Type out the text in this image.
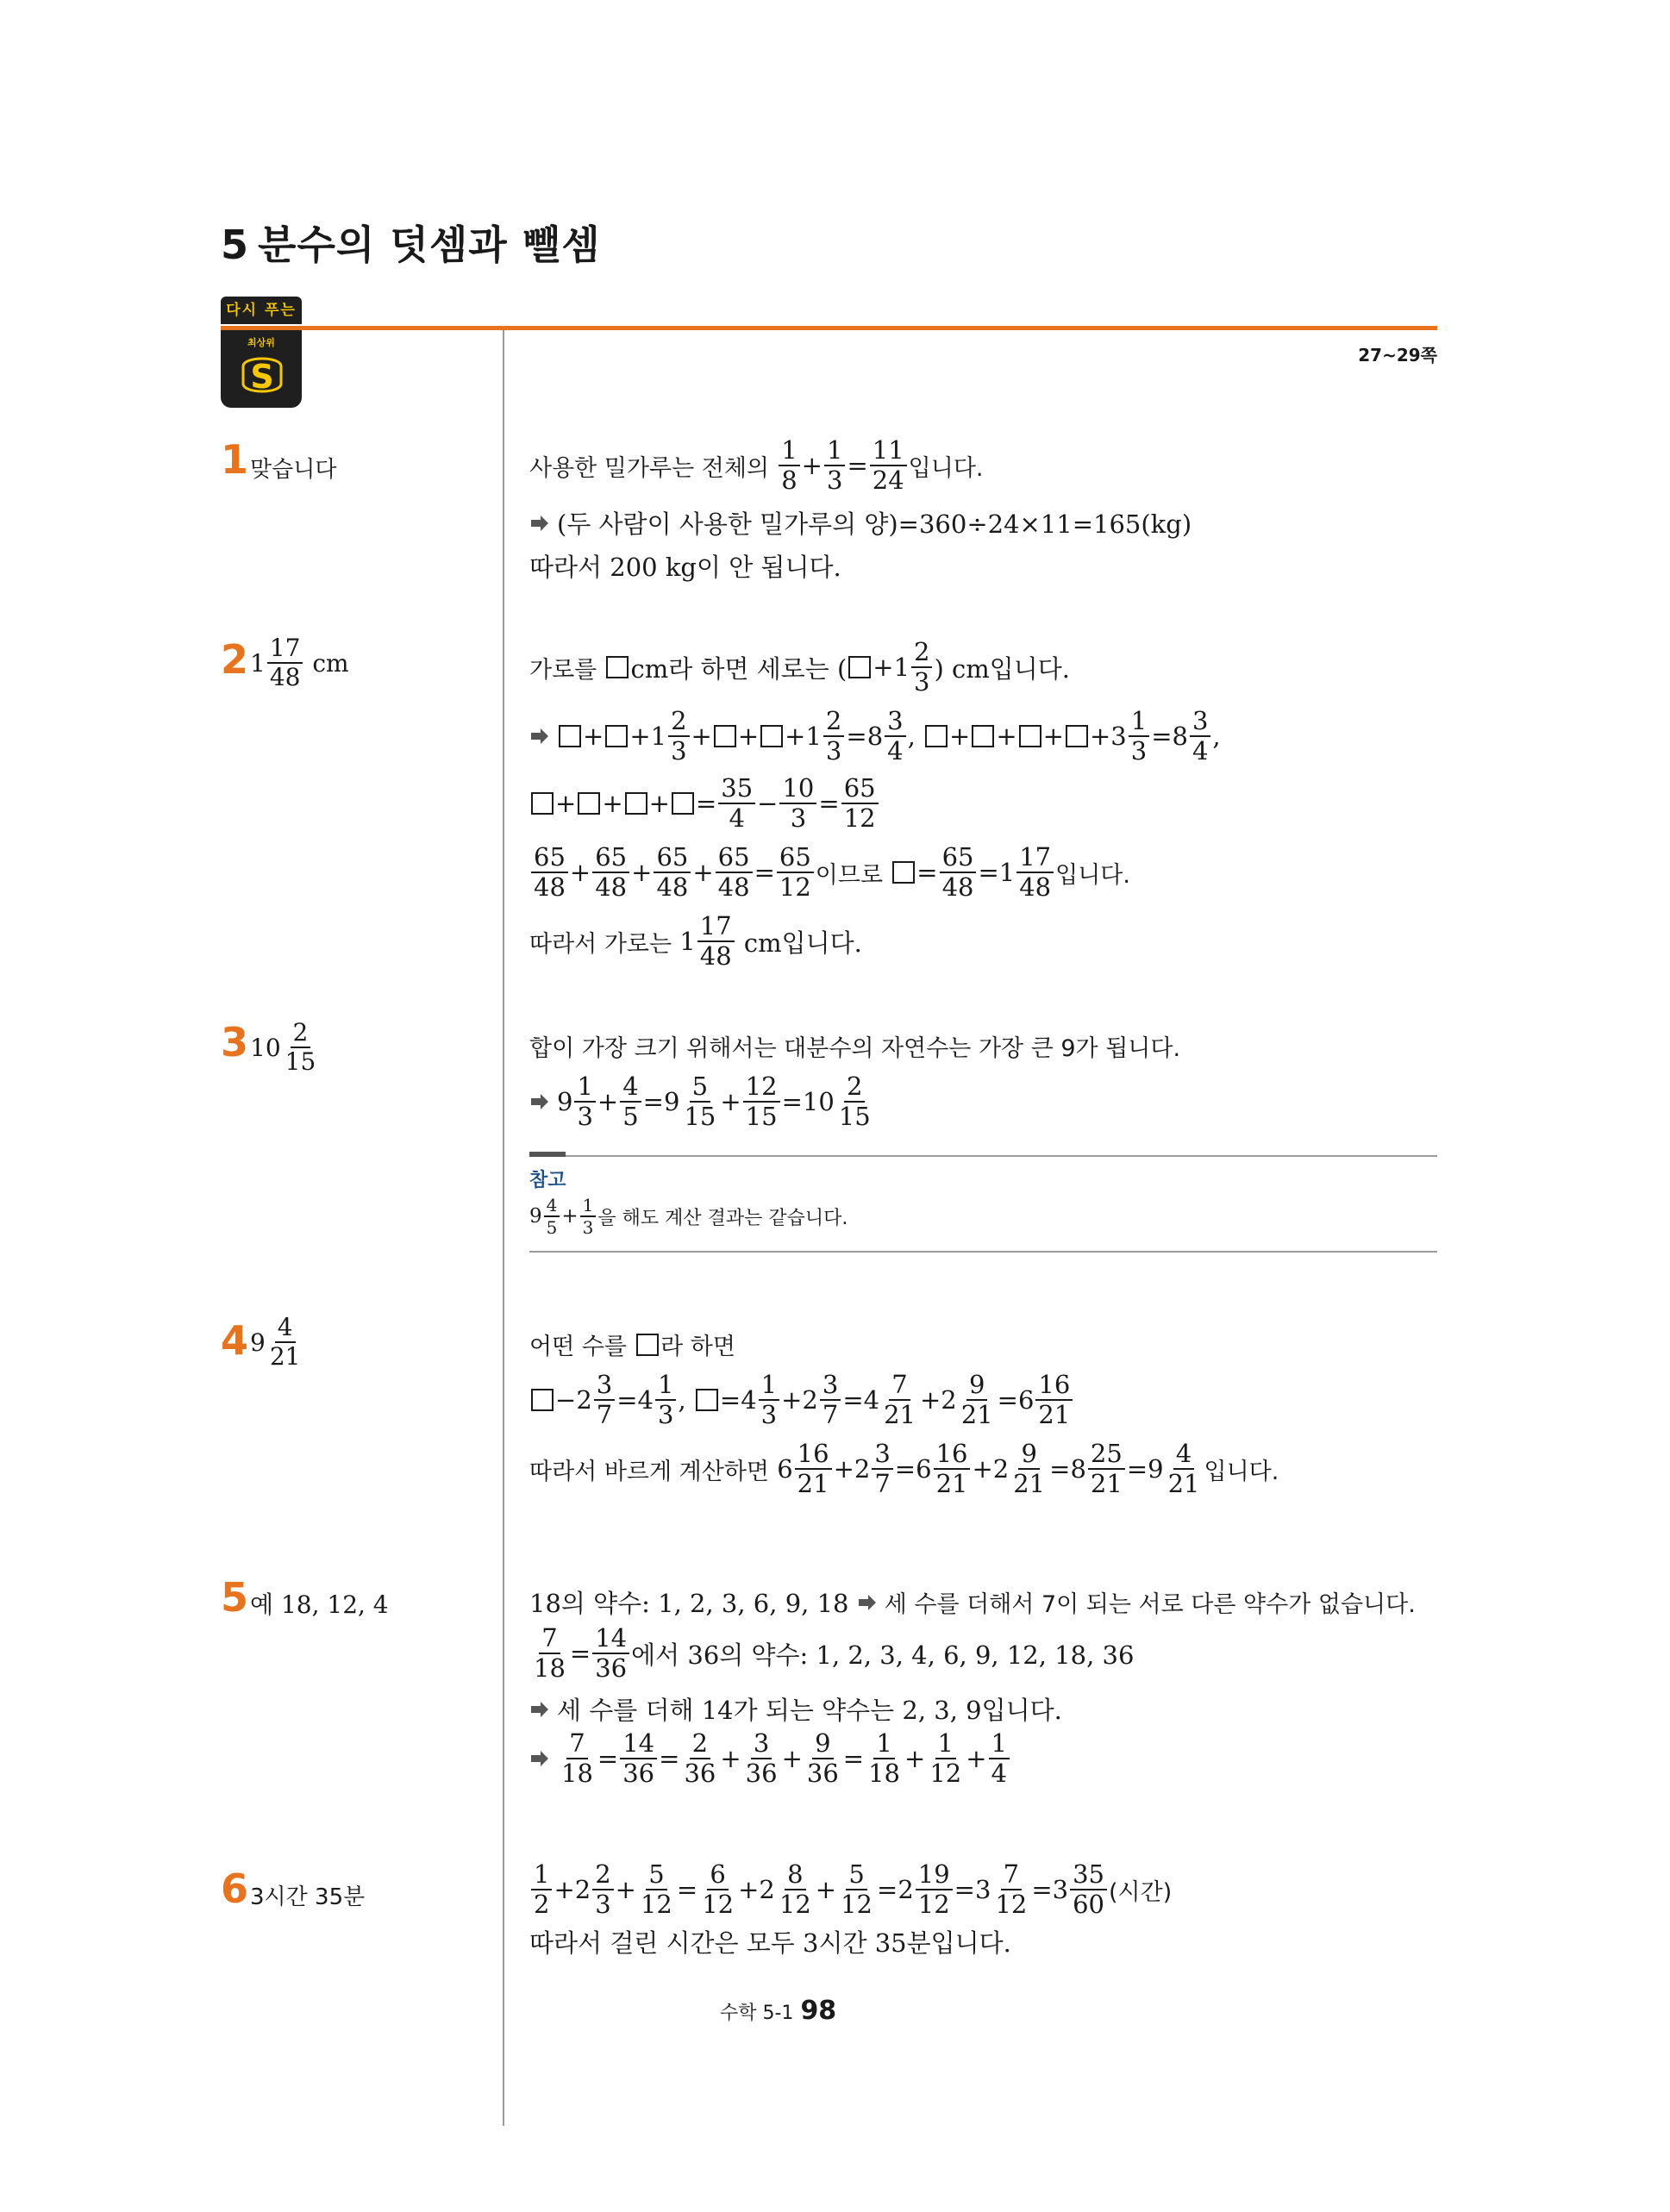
5 분수의 덧셈과 뺄셈
다시 푸는
최상위
S
27~29쪽
1 맞습니다	사용한 밀가루는 전체의

1
8 +
1
3 =
11
24 입니다.
(두 사람이 사용한 밀가루의 양)=360÷24×11=165(kg)
따라서 200 kg이 안 됩니다.
2 1
17
48
cm	가로를
cm라 하면 세로는 ( +1
2
3 ) cm입니다.
+ + 1
2
3 + + + $1 \frac{2}{3} = 8$
3
4 ,
+ + + + $3 \frac{1}{3} = 8$
3
4 ,
+ + + = $\frac{35}{4} - \frac{10}{3} = \frac{65}{12}$
65
$48 + \frac{65}{48} + \frac{65}{48} + \frac{65}{48} = \frac{65}{12}$ 이므로
= $\frac{65}{48} = 1$
17
48 입니다.
따라서 가로는
1
17
48
cm입니다.
3 10
2
15	합이 가장 크기 위해서는 대분수의 자연수는 가장 큰 9가 됩니다.
9
1
3 +
4
5 = 9
5
15 +
12
15 = 10
2
15
참고
9 4
5 + 1
3 을 해도 계산 결과는 같습니다.
4 9
4
21	어떤 수를
라 하면
− 2
3
7 = 4
1
3 ,
= 4
1
3 + 2
3
7 = 4
7
21 + 2
9
21 = 6
16
21
따라서 바르게 계산하면
6
16
21 + 2
3
7 = 6
16
21 + 2
9
21 = 8
25
21 = 9
4
21 입니다.
5 예 18, 12, 4	18의 약수: 1, 2, 3, 6, 9, 18
세 수를 더해서 7이 되는 서로 다른 약수가 없습니다.
7
18 =
14
36 에서 36의 약수: 1, 2, 3, 4, 6, 9, 12, 18, 36
세 수를 더해 14가 되는 약수는 2, 3, 9입니다.
7
18 =
14
36 =
2
36 +
3
36 +
9
36 =
1
18 +
1
12 +
1
4
6 3시간 35분
1
2 + 2
2
3 +
5
12 =
6
12 + 2
8
12 +
5
12 = 2
19
12 = 3
7
12 = 3
35
60 (시간)
따라서 걸린 시간은 모두 3시간 35분입니다.
수학 5-1 98
